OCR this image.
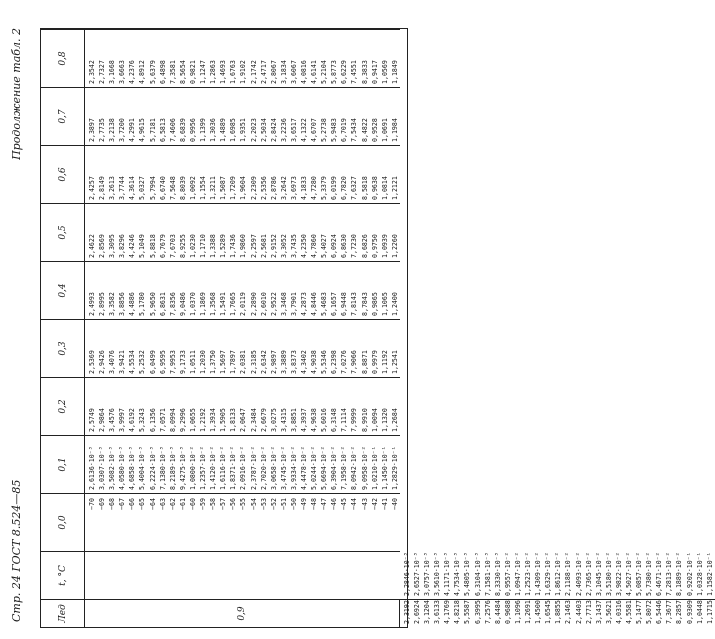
Стр. 24 ГОСТ 8.524—85
Продолжение табл. 2
Лед
t, °C
0,0
0,1
0,2
0,3
0,4
0,5
0,6
0,7
0,8
0,9
−70 −69 −68 −67 −66 −65 −64 −63 −62 −61 −60 −59 −58 −57 −56 −55 −54 −53 −52 −51 −50 −49 −48 −47 −46 −45 −44 −43 −42 −41 −40
2,6136·10⁻³ 3,0307·10⁻³ 3,5082·10⁻³ 4,0580·10⁻³ 4,6858·10⁻³ 5,4004·10⁻³ 6,2224·10⁻³ 7,1380·10⁻³ 8,2189·10⁻³ 9,4275·10⁻³ 1,0800·10⁻² 1,2357·10⁻² 1,4120·10⁻² 1,6116·10⁻² 1,8371·10⁻² 2,0916·10⁻² 2,3787·10⁻² 2,7020·10⁻² 3,0658·10⁻² 3,4745·10⁻² 3,9334·10⁻² 4,4478·10⁻² 5,0244·10⁻² 5,6694·10⁻² 6,3904·10⁻² 7,1958·10⁻² 8,0942·10⁻² 9,0958·10⁻² 1,0210·10⁻¹ 1,1450·10⁻¹ 1,2829·10⁻¹
2,5749 2,9864 3,4576 3,9997 4,6192 5,3243 6,1356 7,0571 8,0994 9,2996 1,0655 1,2192 1,3934 1,5905 1,8133 2,0647 2,3484 2,6679 3,0275 3,4315 3,8851 4,3937 4,9638 5,6016 6,3148 7,1114 7,9999 8,9910 1,0094 1,1320 1,2684
2,5369 2,9426 3,4076 3,9421 4,5534 5,2532 6,0499 6,9595 7,9953 9,1733 1,0511 1,2030 1,3750 1,5697 1,7897 2,0381 2,3185 2,6342 2,9897 3,3889 3,8373 4,3402 4,9038 5,5346 6,2398 7,0276 7,9066 8,8871 0,9979 1,1192 1,2541
2,4993 2,8995 3,3582 3,8856 4,4886 5,1780 5,9650 6,8631 7,8356 9,0486 1,0370 1,1869 1,3568 1,5491 1,7665 2,0119 2,2890 2,6010 2,9522 3,3468 3,7901 4,2873 4,8446 5,4683 6,1657 6,9448 7,8143 8,7843 0,9865 1,1065 1,2400
2,4622 2,8569 3,3095 3,8296 4,4246 5,1049 5,8818 6,7679 7,6703 8,9255 1,0230 1,1710 1,3388 1,5289 1,7436 1,9860 2,2597 2,5681 2,9152 3,3052 3,7435 4,2350 4,7860 5,4027 6,0924 6,8630 7,7230 8,6826 0,9750 1,0939 1,2260
2,4257 2,8149 3,2613 3,7744 4,3614 5,0327 5,7994 6,6740 7,5648 8,8039 1,0092 1,1554 1,3211 1,5087 1,7209 1,9604 2,2309 2,5356 2,8786 3,2642 3,6973 4,1833 4,7280 5,3379 6,0199 6,7820 7,6327 8,5818 0,9638 1,0814 1,2121
2,3897 2,7735 3,2138 3,7200 4,2991 4,9615 5,7181 6,5813 7,4606 8,6839 0,9956 1,1399 1,3036 1,4889 1,6985 1,9351 2,2023 2,5034 2,8424 3,2236 3,6517 4,1322 4,6707 5,2738 5,9483 6,7019 7,5434 8,4822 0,9528 1,0691 1,1984
2,3542 2,7327 3,1668 3,6663 4,2376 4,8912 5,6379 6,4898 7,3581 8,5654 0,9821 1,1247 1,2863 1,4693 1,6763 1,9102 2,1742 2,4717 2,8067 3,1834 3,6067 4,0816 4,6141 5,2104 5,8773 6,6229 7,4551 8,3833 0,9417 1,0569 1,1849
2,3192 2,6924 3,1204 3,6133 4,1769 4,8218 5,5587 6,3995 7,2576 8,4484 0,9688 1,1096 1,2691 1,4500 1,6545 1,8855 2,1463 2,4403 2,7713 3,1437 3,5621 4,0316 4,5581 5,1477 5,8072 6,5446 7,3677 8,2857 0,9309 1,0448 1,1715
2,2846·10⁻³ 2,6527·10⁻³ 3,0757·10⁻³ 3,5610·10⁻³ 4,1171·10⁻³ 4,7534·10⁻³ 5,4805·10⁻³ 6,3104·10⁻³ 7,1581·10⁻³ 8,3330·10⁻³ 0,9557·10⁻² 1,0947·10⁻² 1,2523·10⁻² 1,4309·10⁻² 1,6329·10⁻² 1,8612·10⁻² 2,1188·10⁻² 2,4093·10⁻² 2,7365·10⁻² 3,1045·10⁻² 3,5180·10⁻² 3,9822·10⁻² 4,5027·10⁻² 5,0857·10⁻² 5,7380·10⁻² 6,4671·10⁻² 7,2813·10⁻² 8,1889·10⁻² 0,9202·10⁻¹ 1,0328·10⁻¹ 1,1582·10⁻¹
